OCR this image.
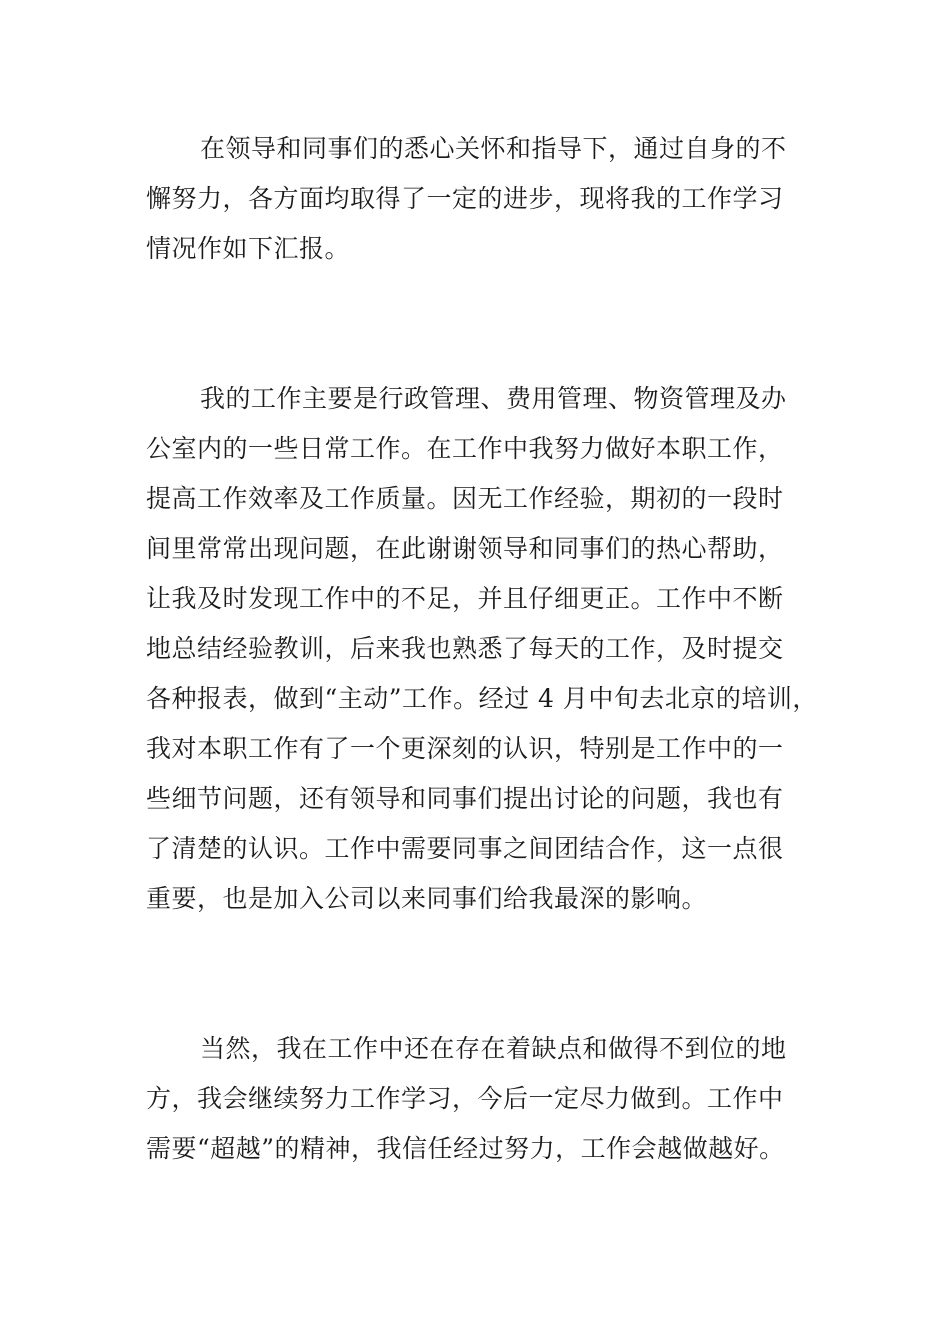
在领导和同事们的悉心关怀和指导下，通过自身的不
懈努力，各方面均取得了一定的进步，现将我的工作学习
情况作如下汇报。
我的工作主要是行政管理、费用管理、物资管理及办
公室内的一些日常工作。在工作中我努力做好本职工作，
提高工作效率及工作质量。因无工作经验，期初的一段时
间里常常出现问题，在此谢谢领导和同事们的热心帮助，
让我及时发现工作中的不足，并且仔细更正。工作中不断
地总结经验教训，后来我也熟悉了每天的工作，及时提交
各种报表，做到“主动”工作。经过 4 月中旬去北京的培训，
我对本职工作有了一个更深刻的认识，特别是工作中的一
些细节问题，还有领导和同事们提出讨论的问题，我也有
了清楚的认识。工作中需要同事之间团结合作，这一点很
重要，也是加入公司以来同事们给我最深的影响。
当然，我在工作中还在存在着缺点和做得不到位的地
方，我会继续努力工作学习，今后一定尽力做到。工作中
需要“超越”的精神，我信任经过努力，工作会越做越好。
